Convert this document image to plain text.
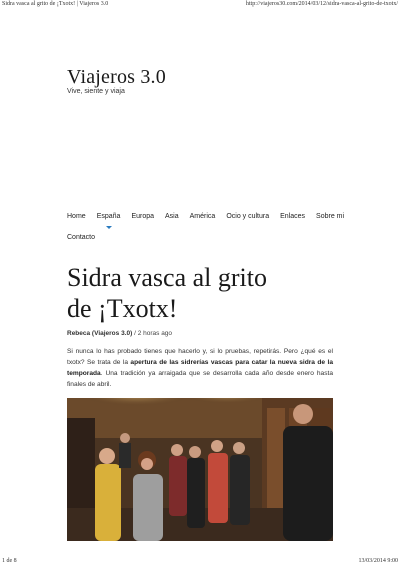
Sidra vasca al grito de ¡Txotx! | Viajeros 3.0	http://viajeros30.com/2014/03/12/sidra-vasca-al-grito-de-txotx/
Viajeros 3.0
Vive, siente y viaja
Home España Europa Asia América Ocio y cultura Enlaces Sobre mi
Contacto
Sidra vasca al grito
de ¡Txotx!
Rebeca (Viajeros 3.0) / 2 horas ago

Si nunca lo has probado tienes que hacerlo y, si lo pruebas, repetirás. Pero ¿qué es el txotx? Se trata de la apertura de las sidrerías vascas para catar la nueva sidra de la temporada. Una tradición ya arraigada que se desarrolla cada año desde enero hasta finales de abril.

1 de 8	13/03/2014 9:00
